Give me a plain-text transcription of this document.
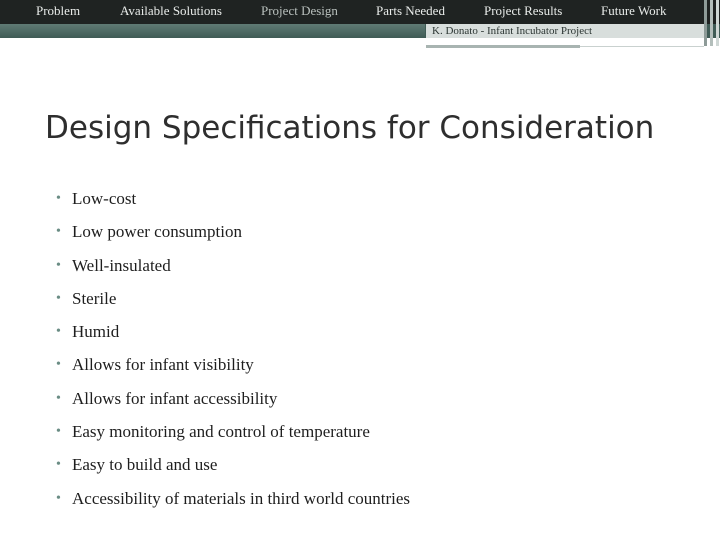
Problem	Available Solutions	Project Design	Parts Needed	Project Results	Future Work
K. Donato - Infant Incubator Project
Design Specifications for Consideration
• Low-cost
• Low power consumption
• Well-insulated
• Sterile
• Humid
• Allows for infant visibility
• Allows for infant accessibility
• Easy monitoring and control of temperature
• Easy to build and use
• Accessibility of materials in third world countries
